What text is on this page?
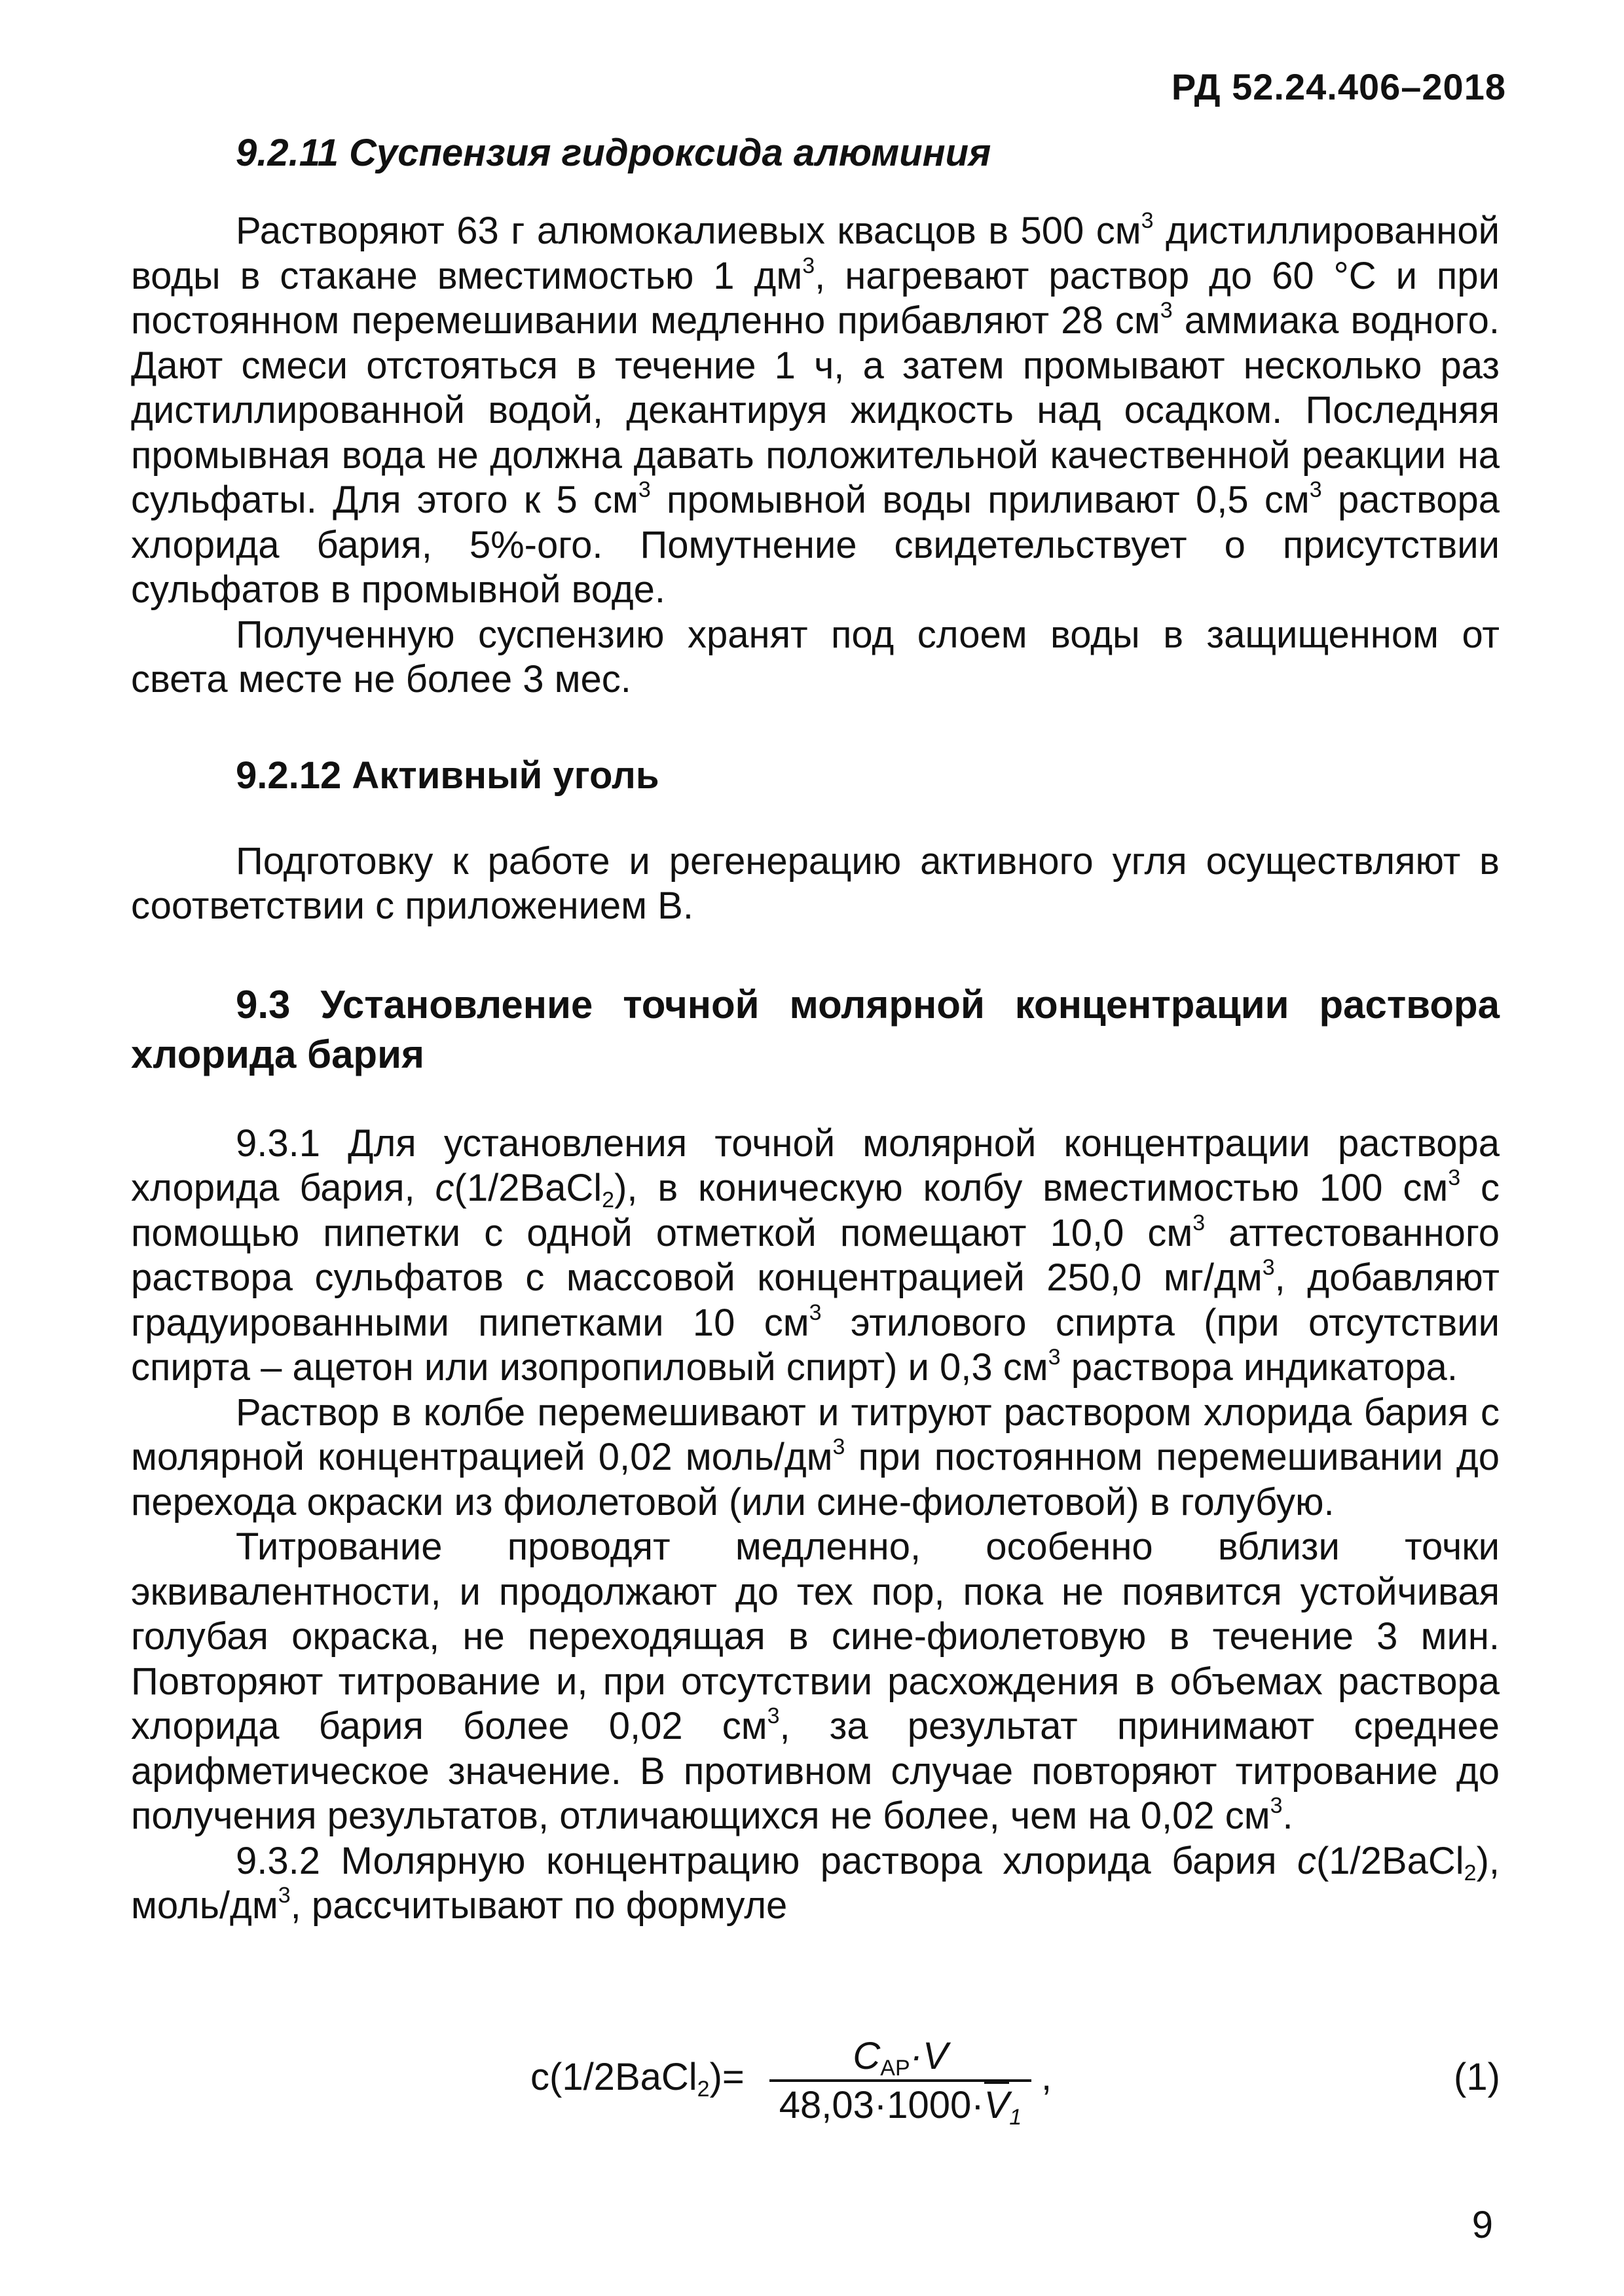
РД 52.24.406–2018

9.2.11 Суспензия гидроксида алюминия

Растворяют 63 г алюмокалиевых квасцов в 500 $см^3$ дистиллированной воды в стакане вместимостью 1 $дм^3$, нагревают раствор до 60 °С и при постоянном перемешивании медленно прибавляют 28 $см^3$ аммиака водного. Дают смеси отстояться в течение 1 ч, а затем промывают несколько раз дистиллированной водой, декантируя жидкость над осадком. Последняя промывная вода не должна давать положительной качественной реакции на сульфаты. Для этого к 5 $см^3$ промывной воды приливают 0,5 $см^3$ раствора хлорида бария, 5%-ого. Помутнение свидетельствует о присутствии сульфатов в промывной воде.

Полученную суспензию хранят под слоем воды в защищенном от света месте не более 3 мес.

9.2.12 Активный уголь

Подготовку к работе и регенерацию активного угля осуществляют в соответствии с приложением В.

9.3 Установление точной молярной концентрации раствора хлорида бария

9.3.1 Для установления точной молярной концентрации раствора хлорида бария, с(1/2BaCl$_2$), в коническую колбу вместимостью 100 $см^3$ с помощью пипетки с одной отметкой помещают 10,0 $см^3$ аттестованного раствора сульфатов с массовой концентрацией 250,0 $мг/дм^3$, добавляют градуированными пипетками 10 $см^3$ этилового спирта (при отсутствии спирта – ацетон или изопропиловый спирт) и 0,3 $см^3$ раствора индикатора.

Раствор в колбе перемешивают и титруют раствором хлорида бария с молярной концентрацией 0,02 моль/$дм^3$ при постоянном перемешивании до перехода окраски из фиолетовой (или сине-фиолетовой) в голубую.

Титрование проводят медленно, особенно вблизи точки эквивалентности, и продолжают до тех пор, пока не появится устойчивая голубая окраска, не переходящая в сине-фиолетовую в течение 3 мин. Повторяют титрование и, при отсутствии расхождения в объемах раствора хлорида бария более 0,02 $см^3$, за результат принимают среднее арифметическое значение. В противном случае повторяют титрование до получения результатов, отличающихся не более, чем на 0,02 $см^3$.

9.3.2 Молярную концентрацию раствора хлорида бария с(1/2BaCl$_2$), моль/$дм^3$, рассчитывают по формуле

c(1/2BaCl$_2$)=	$C_{AP}\cdot V$
$48,03\cdot 1000\cdot V_1$
,	(1)
9
